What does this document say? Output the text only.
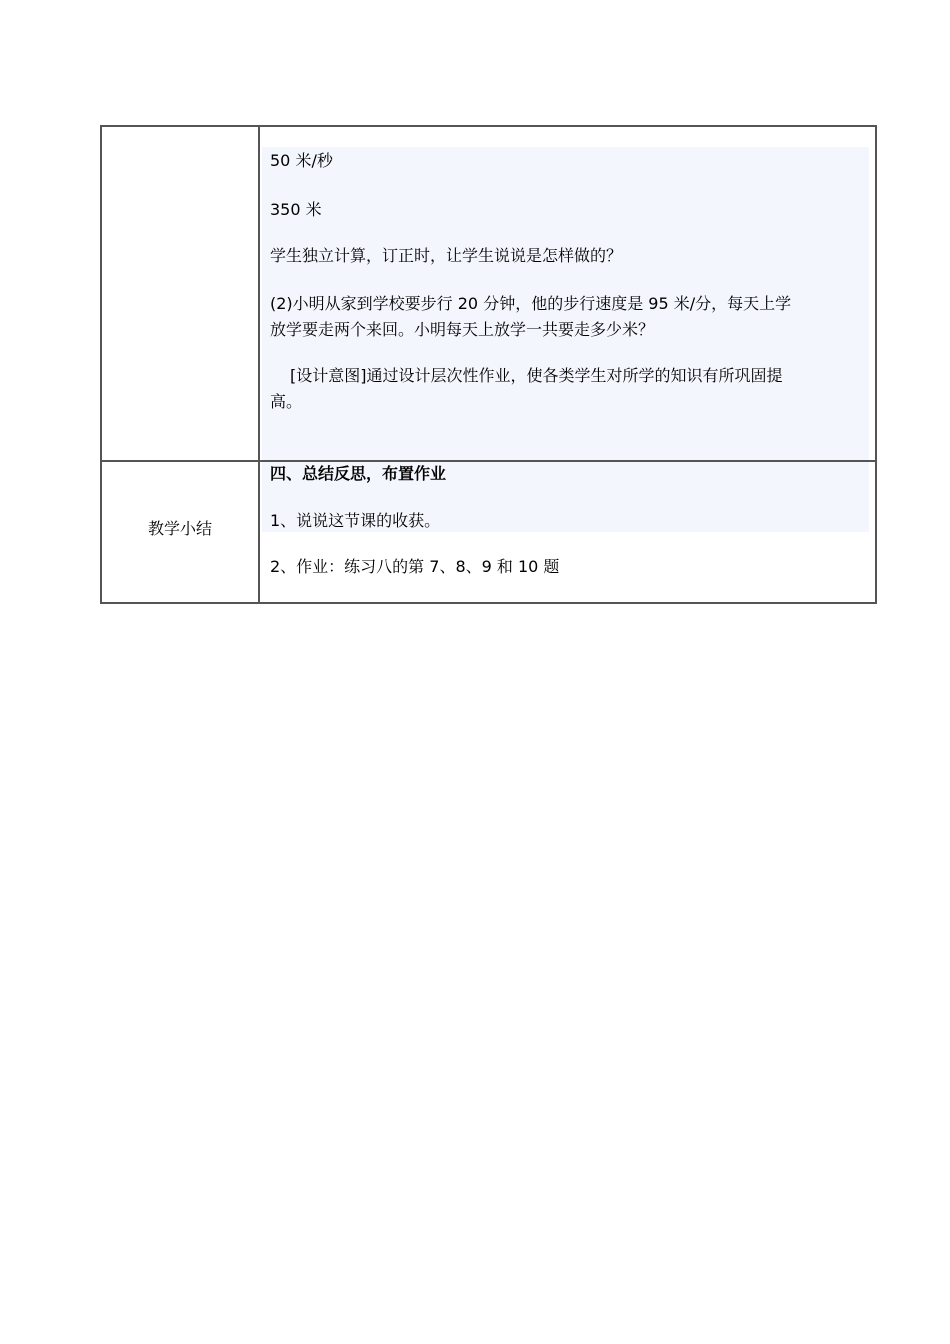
50 米/秒
350 米
学生独立计算，订正时，让学生说说是怎样做的？
(2)小明从家到学校要步行 20 分钟，他的步行速度是 95 米/分，每天上学
放学要走两个来回。小明每天上放学一共要走多少米？
[设计意图]通过设计层次性作业，使各类学生对所学的知识有所巩固提
高。
教学小结
四、总结反思，布置作业
1、说说这节课的收获。
2、作业：练习八的第 7、8、9 和 10 题
